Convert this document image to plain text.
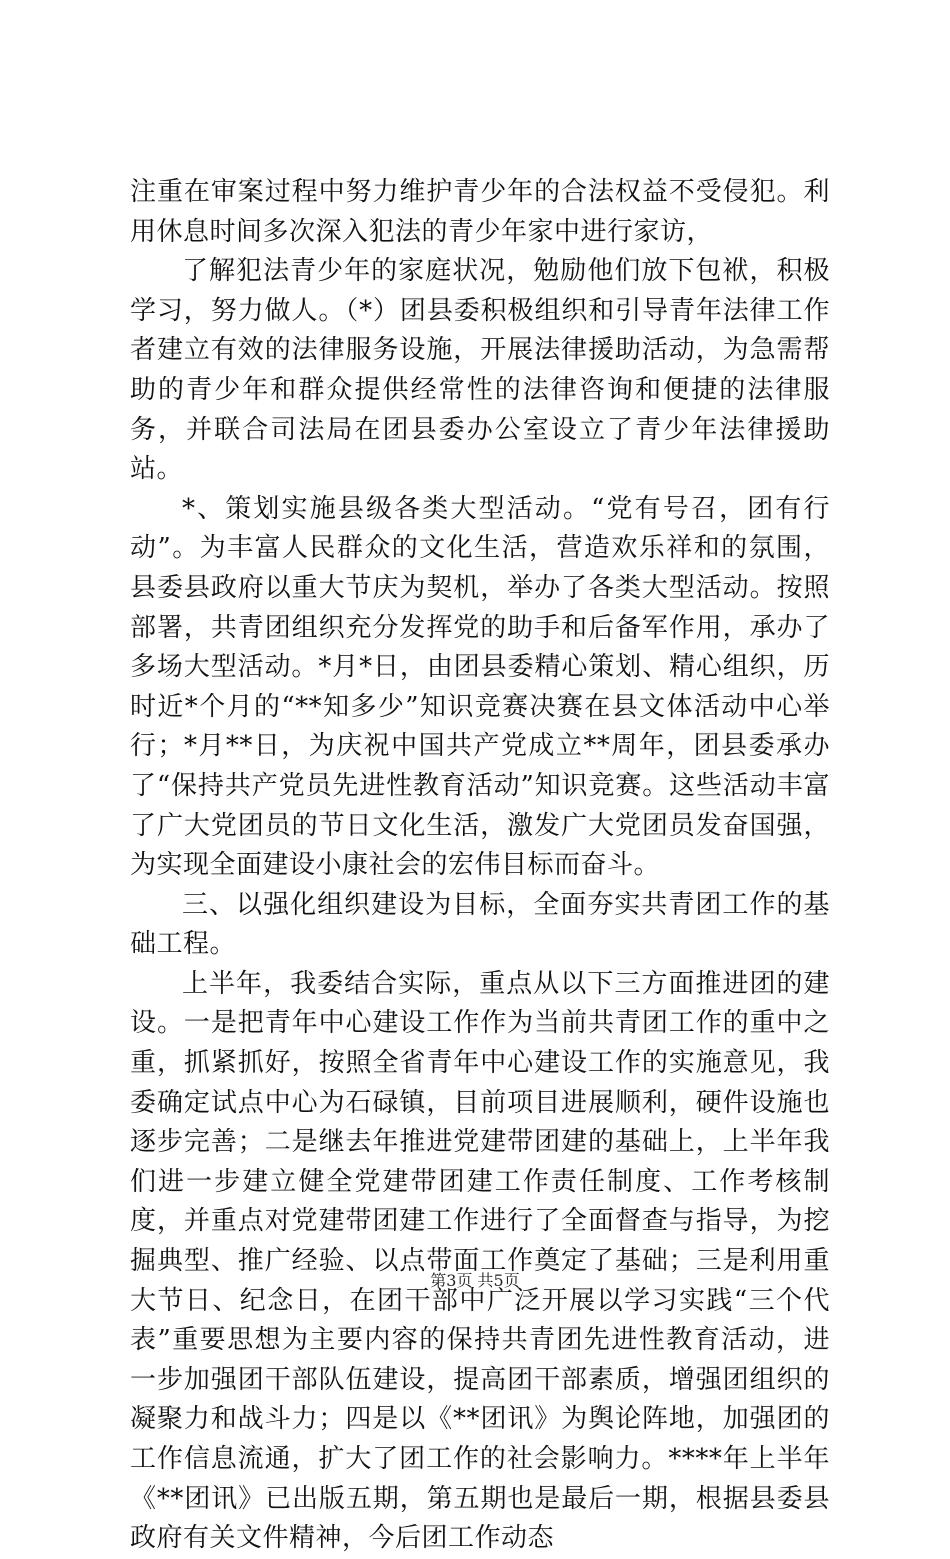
注重在审案过程中努力维护青少年的合法权益不受侵犯。利用休息时间多次深入犯法的青少年家中进行家访，

了解犯法青少年的家庭状况，勉励他们放下包袱，积极学习，努力做人。（*）团县委积极组织和引导青年法律工作者建立有效的法律服务设施，开展法律援助活动，为急需帮助的青少年和群众提供经常性的法律咨询和便捷的法律服务，并联合司法局在团县委办公室设立了青少年法律援助站。

*、策划实施县级各类大型活动。“党有号召，团有行动”。为丰富人民群众的文化生活，营造欢乐祥和的氛围，县委县政府以重大节庆为契机，举办了各类大型活动。按照部署，共青团组织充分发挥党的助手和后备军作用，承办了多场大型活动。*月*日，由团县委精心策划、精心组织，历时近*个月的“**知多少”知识竞赛决赛在县文体活动中心举行；*月**日，为庆祝中国共产党成立**周年，团县委承办了“保持共产党员先进性教育活动”知识竞赛。这些活动丰富了广大党团员的节日文化生活，激发广大党团员发奋国强，为实现全面建设小康社会的宏伟目标而奋斗。

三、以强化组织建设为目标，全面夯实共青团工作的基础工程。

上半年，我委结合实际，重点从以下三方面推进团的建设。一是把青年中心建设工作作为当前共青团工作的重中之重，抓紧抓好，按照全省青年中心建设工作的实施意见，我委确定试点中心为石碌镇，目前项目进展顺利，硬件设施也逐步完善；二是继去年推进党建带团建的基础上，上半年我们进一步建立健全党建带团建工作责任制度、工作考核制度，并重点对党建带团建工作进行了全面督查与指导，为挖掘典型、推广经验、以点带面工作奠定了基础；三是利用重大节日、纪念日，在团干部中广泛开展以学习实践“三个代表”重要思想为主要内容的保持共青团先进性教育活动，进一步加强团干部队伍建设，提高团干部素质，增强团组织的凝聚力和战斗力；四是以《**团讯》为舆论阵地，加强团的工作信息流通，扩大了团工作的社会影响力。****年上半年《**团讯》已出版五期，第五期也是最后一期，根据县委县政府有关文件精神，今后团工作动态

第3页 共5页
